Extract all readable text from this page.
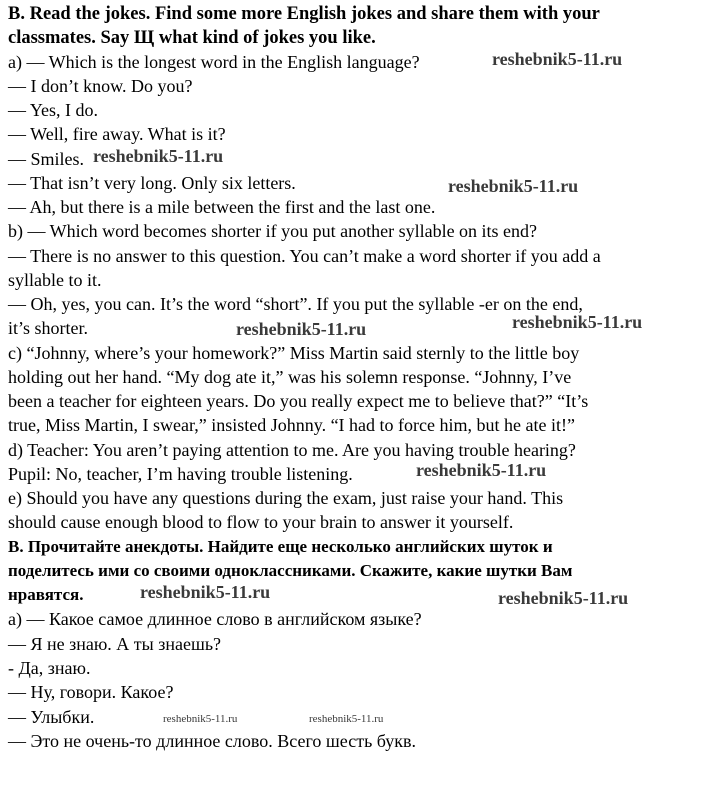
B. Read the jokes. Find some more English jokes and share them with your
classmates. Say Щ what kind of jokes you like.
a) — Which is the longest word in the English language?
— I don’t know. Do you?
— Yes, I do.
— Well, fire away. What is it?
— Smiles.
— That isn’t very long. Only six letters.
— Ah, but there is a mile between the first and the last one.
b) — Which word becomes shorter if you put another syllable on its end?
— There is no answer to this question. You can’t make a word shorter if you add a
syllable to it.
— Oh, yes, you can. It’s the word “short”. If you put the syllable -er on the end,
it’s shorter.
c) “Johnny, where’s your homework?” Miss Martin said sternly to the little boy
holding out her hand. “My dog ate it,” was his solemn response. “Johnny, I’ve
been a teacher for eighteen years. Do you really expect me to believe that?” “It’s
true, Miss Martin, I swear,” insisted Johnny. “I had to force him, but he ate it!”
d) Teacher: You aren’t paying attention to me. Are you having trouble hearing?
Pupil: No, teacher, I’m having trouble listening.
e) Should you have any questions during the exam, just raise your hand. This
should cause enough blood to flow to your brain to answer it yourself.
В. Прочитайте анекдоты. Найдите еще несколько английских шуток и
поделитесь ими со своими одноклассниками. Скажите, какие шутки Вам
нравятся.
а) — Какое самое длинное слово в английском языке?
— Я не знаю. А ты знаешь?
- Да, знаю.
— Ну, говори. Какое?
— Улыбки.
— Это не очень-то длинное слово. Всего шесть букв.
reshebnik5-11.ru
reshebnik5-11.ru
reshebnik5-11.ru
reshebnik5-11.ru	reshebnik5-11.ru
reshebnik5-11.ru
reshebnik5-11.ru	reshebnik5-11.ru
reshebnik5-11.ru	reshebnik5-11.ru
